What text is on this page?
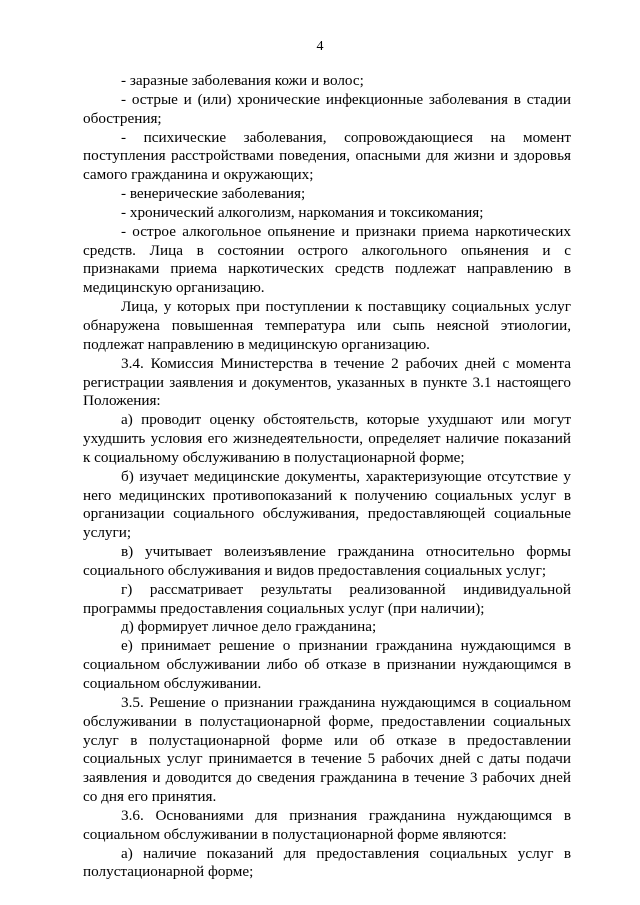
4

- заразные заболевания кожи и волос;

- острые и (или) хронические инфекционные заболевания в стадии обострения;

- психические заболевания, сопровождающиеся на момент поступления расстройствами поведения, опасными для жизни и здоровья самого гражданина и окружающих;

- венерические заболевания;

- хронический алкоголизм, наркомания и токсикомания;

- острое алкогольное опьянение и признаки приема наркотических средств. Лица в состоянии острого алкогольного опьянения и с признаками приема наркотических средств подлежат направлению в медицинскую организацию.

Лица, у которых при поступлении к поставщику социальных услуг обнаружена повышенная температура или сыпь неясной этиологии, подлежат направлению в медицинскую организацию.

3.4. Комиссия Министерства в течение 2 рабочих дней с момента регистрации заявления и документов, указанных в пункте 3.1 настоящего Положения:

а) проводит оценку обстоятельств, которые ухудшают или могут ухудшить условия его жизнедеятельности, определяет наличие показаний к социальному обслуживанию в полустационарной форме;

б) изучает медицинские документы, характеризующие отсутствие у него медицинских противопоказаний к получению социальных услуг в организации социального обслуживания, предоставляющей социальные услуги;

в) учитывает волеизъявление гражданина относительно формы социального обслуживания и видов предоставления социальных услуг;

г) рассматривает результаты реализованной индивидуальной программы предоставления социальных услуг (при наличии);

д) формирует личное дело гражданина;

е) принимает решение о признании гражданина нуждающимся в социальном обслуживании либо об отказе в признании нуждающимся в социальном обслуживании.

3.5. Решение о признании гражданина нуждающимся в социальном обслуживании в полустационарной форме, предоставлении социальных услуг в полустационарной форме или об отказе в предоставлении социальных услуг принимается в течение 5 рабочих дней с даты подачи заявления и доводится до сведения гражданина в течение 3 рабочих дней со дня его принятия.

3.6. Основаниями для признания гражданина нуждающимся в социальном обслуживании в полустационарной форме являются:

а) наличие показаний для предоставления социальных услуг в полустационарной форме;
